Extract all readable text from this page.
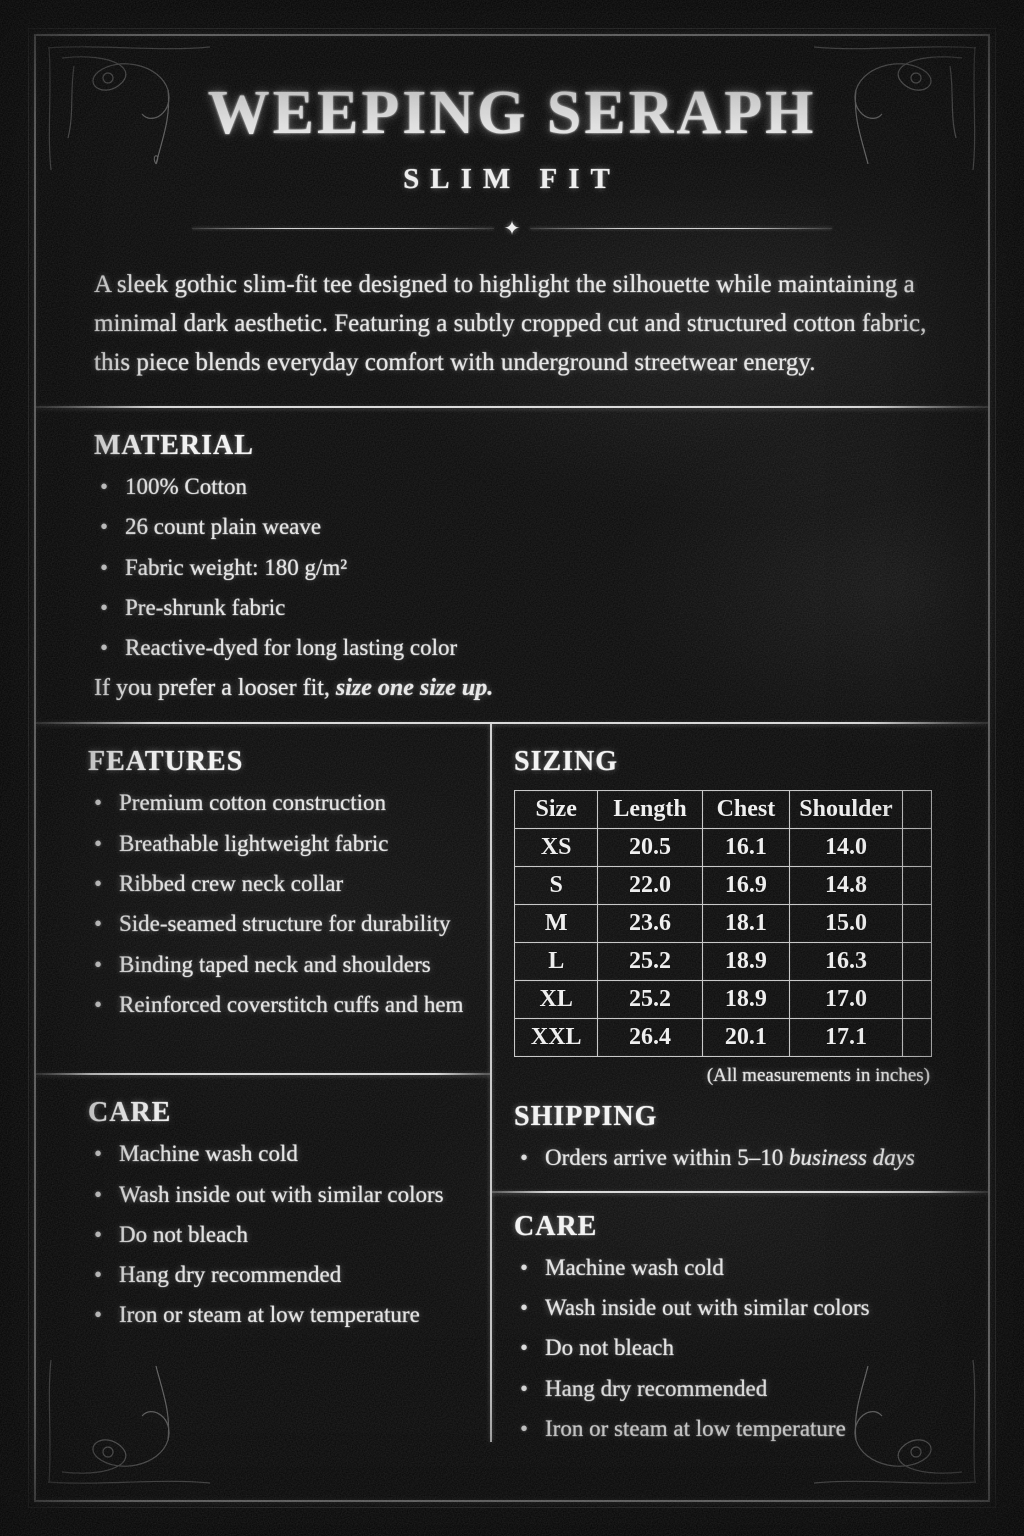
WEEPING SERAPH
SLIM FIT
✦

A sleek gothic slim-fit tee designed to highlight the silhouette while maintaining a minimal dark aesthetic. Featuring a subtly cropped cut and structured cotton fabric, this piece blends everyday comfort with underground streetwear energy.

MATERIAL
• 100% Cotton
• 26 count plain weave
• Fabric weight: 180 g/m²
• Pre-shrunk fabric
• Reactive-dyed for long lasting color

If you prefer a looser fit, size one size up.

FEATURES
• Premium cotton construction
• Breathable lightweight fabric
• Ribbed crew neck collar
• Side-seamed structure for durability
• Binding taped neck and shoulders
• Reinforced coverstitch cuffs and hem
CARE
• Machine wash cold
• Wash inside out with similar colors
• Do not bleach
• Hang dry recommended
• Iron or steam at low temperature
SIZING
Size	Length	Chest	Shoulder	
XS	20.5	16.1	14.0	
S	22.0	16.9	14.8	
M	23.6	18.1	15.0	
L	25.2	18.9	16.3	
XL	25.2	18.9	17.0	
XXL	26.4	20.1	17.1	
(All measurements in inches)
SHIPPING
• Orders arrive within 5–10 business days
CARE
• Machine wash cold
• Wash inside out with similar colors
• Do not bleach
• Hang dry recommended
• Iron or steam at low temperature
